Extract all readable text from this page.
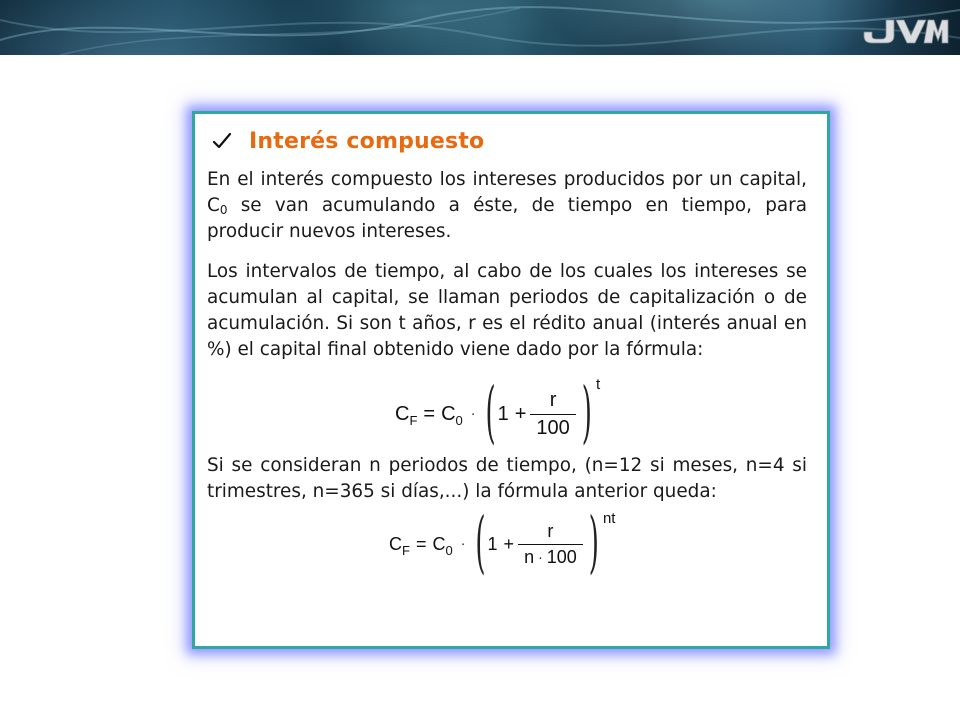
Interés compuesto

En el interés compuesto los intereses producidos por un capital, $C_0$ se van acumulando a éste, de tiempo en tiempo, para producir nuevos intereses.

Los intervalos de tiempo, al cabo de los cuales los intereses se acumulan al capital, se llaman periodos de capitalización o de acumulación. Si son t años, r es el rédito anual (interés anual en %) el capital final obtenido viene dado por la fórmula:

C F = C 0 · ( $1 + \frac{r}{100}$ ) t

Si se consideran n periodos de tiempo, (n=12 si meses, n=4 si trimestres, n=365 si días,...) la fórmula anterior queda:

C F = C 0 · ( $1 + \frac{r}{n \cdot 100}$ ) nt
